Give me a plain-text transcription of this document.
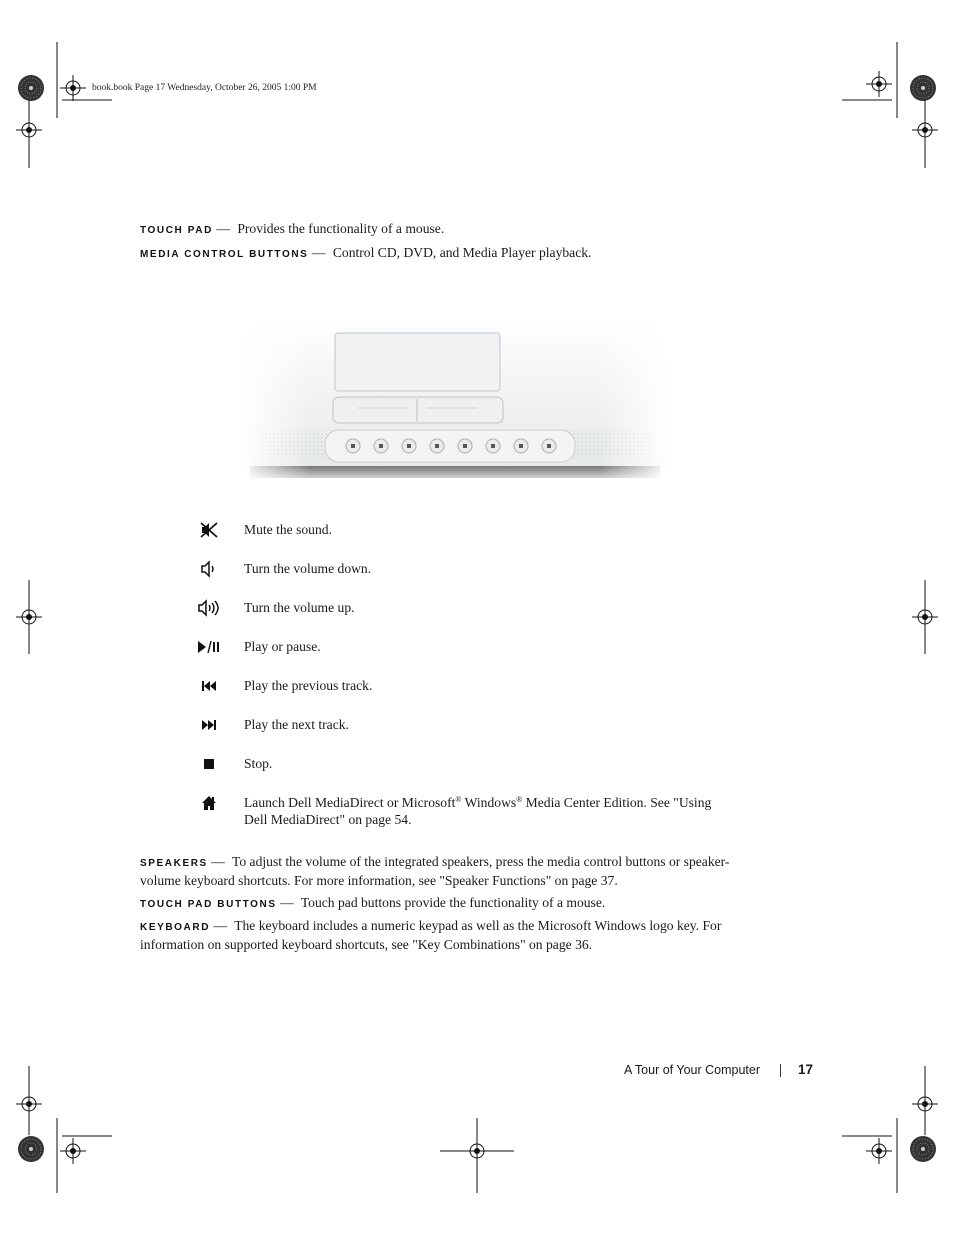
book.book Page 17 Wednesday, October 26, 2005 1:00 PM
TOUCH PAD — Provides the functionality of a mouse.
MEDIA CONTROL BUTTONS — Control CD, DVD, and Media Player playback.
Mute the sound.
Turn the volume down.
Turn the volume up.
Play or pause.
Play the previous track.
Play the next track.
Stop.
Launch Dell MediaDirect or Microsoft® Windows® Media Center Edition. See "Using Dell MediaDirect" on page 54.
SPEAKERS — To adjust the volume of the integrated speakers, press the media control buttons or speaker-volume keyboard shortcuts. For more information, see "Speaker Functions" on page 37.
TOUCH PAD BUTTONS — Touch pad buttons provide the functionality of a mouse.
KEYBOARD — The keyboard includes a numeric keypad as well as the Microsoft Windows logo key. For information on supported keyboard shortcuts, see "Key Combinations" on page 36.
A Tour of Your Computer	17
